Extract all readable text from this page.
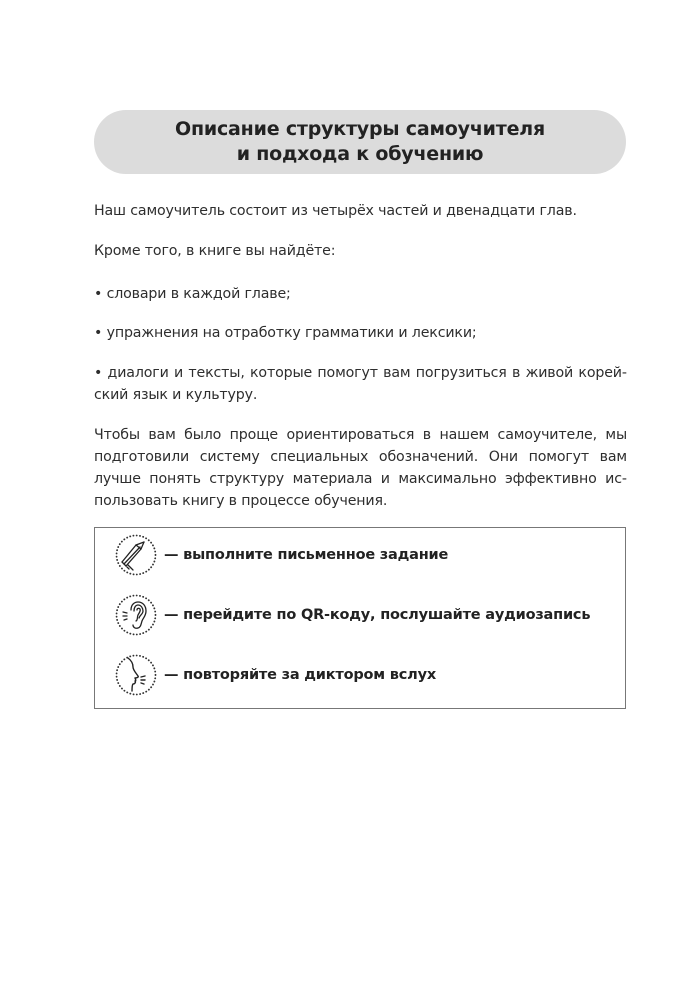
Описание структуры самоучителя
и подхода к обучению
Наш самоучитель состоит из четырёх частей и двенадцати глав.
Кроме того, в книге вы найдёте:
• словари в каждой главе;
• упражнения на отработку грамматики и лексики;
• диалоги и тексты, которые помогут вам погрузиться в живой корейский язык и культуру.
Чтобы вам было проще ориентироваться в нашем самоучителе, мы подготовили систему специальных обозначений. Они помогут вам лучше понять структуру материала и максимально эффективно использовать книгу в процессе обучения.
— выполните письменное задание
— перейдите по QR-коду, послушайте аудиозапись
— повторяйте за диктором вслух
